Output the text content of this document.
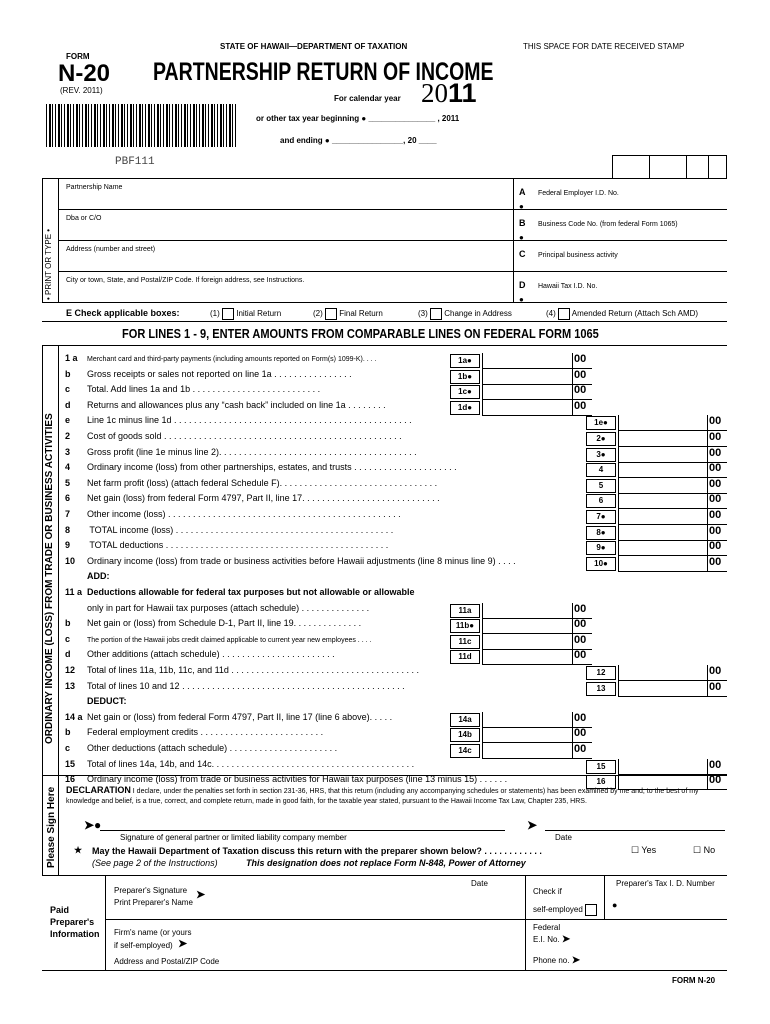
STATE OF HAWAII—DEPARTMENT OF TAXATION	THIS SPACE FOR DATE RECEIVED STAMP
FORM
N-20
(REV. 2011)
PARTNERSHIP RETURN OF INCOME
For calendar year 2011
or other tax year beginning ● _______________ , 2011
and ending ● ________________, 20 ____
PBF111
• PRINT OR TYPE •
Partnership Name
Dba or C/O
Address (number and street)
City or town, State, and Postal/ZIP Code. If foreign address, see Instructions.
A Federal Employer I.D. No.
●
B Business Code No. (from federal Form 1065)
●
C Principal business activity
D Hawaii Tax I.D. No.
●
E Check applicable boxes:	(1) Initial Return	(2) Final Return	(3) Change in Address	(4) Amended Return (Attach Sch AMD)
FOR LINES 1 - 9, ENTER AMOUNTS FROM COMPARABLE LINES ON FEDERAL FORM 1065
ORDINARY INCOME (LOSS) FROM TRADE OR BUSINESS ACTIVITIES
1 a Merchant card and third-party payments (including amounts reported on Form(s) 1099-K). . . .	1a●	00
b Gross receipts or sales not reported on line 1a . . . . . . . . . . . . . . . .	1b●	00
c Total. Add lines 1a and 1b . . . . . . . . . . . . . . . . . . . . . . . . . .	1c●	00
d Returns and allowances plus any “cash back” included on line 1a . . . . . . . .	1d●	00
e Line 1c minus line 1d . . . . . . . . . . . . . . . . . . . . . . . . . . . . . . . . . . . . . . . . . . . . . . . .	1e●	00
2 Cost of goods sold . . . . . . . . . . . . . . . . . . . . . . . . . . . . . . . . . . . . . . . . . . . . . . . .	2●	00
3 Gross profit (line 1e minus line 2). . . . . . . . . . . . . . . . . . . . . . . . . . . . . . . . . . . . . . . .	3●	00
4 Ordinary income (loss) from other partnerships, estates, and trusts . . . . . . . . . . . . . . . . . . . . .	4	00
5 Net farm profit (loss) (attach federal Schedule F). . . . . . . . . . . . . . . . . . . . . . . . . . . . . . . .	5	00
6 Net gain (loss) from federal Form 4797, Part II, line 17. . . . . . . . . . . . . . . . . . . . . . . . . . . .	6	00
7 Other income (loss) . . . . . . . . . . . . . . . . . . . . . . . . . . . . . . . . . . . . . . . . . . . . . . .	7●	00
8 TOTAL income (loss) . . . . . . . . . . . . . . . . . . . . . . . . . . . . . . . . . . . . . . . . . . . .	8●	00
9 TOTAL deductions . . . . . . . . . . . . . . . . . . . . . . . . . . . . . . . . . . . . . . . . . . . . .	9●	00
10 Ordinary income (loss) from trade or business activities before Hawaii adjustments (line 8 minus line 9) . . . .	10●	00
ADD:
11 a Deductions allowable for federal tax purposes but not allowable or allowable
only in part for Hawaii tax purposes (attach schedule) . . . . . . . . . . . . . .	11a	00
b Net gain or (loss) from Schedule D-1, Part II, line 19. . . . . . . . . . . . . .	11b●	00
c The portion of the Hawaii jobs credit claimed applicable to current year new employees . . . .	11c	00
d Other additions (attach schedule) . . . . . . . . . . . . . . . . . . . . . . .	11d	00
12 Total of lines 11a, 11b, 11c, and 11d . . . . . . . . . . . . . . . . . . . . . . . . . . . . . . . . . . . . . .	12	00
13 Total of lines 10 and 12 . . . . . . . . . . . . . . . . . . . . . . . . . . . . . . . . . . . . . . . . . . . . .	13	00
DEDUCT:
14 a Net gain or (loss) from federal Form 4797, Part II, line 17 (line 6 above). . . . .	14a	00
b Federal employment credits . . . . . . . . . . . . . . . . . . . . . . . . .	14b	00
c Other deductions (attach schedule) . . . . . . . . . . . . . . . . . . . . . .	14c	00
15 Total of lines 14a, 14b, and 14c. . . . . . . . . . . . . . . . . . . . . . . . . . . . . . . . . . . . . . . . .	15	00
16 Ordinary income (loss) from trade or business activities for Hawaii tax purposes (line 13 minus 15) . . . . . .	16	00
Please Sign Here DECLARATION I declare, under the penalties set forth in section 231-36, HRS, that this return (including any accompanying schedules or statements) has been examined by me and, to the best of my knowledge and belief, is a true, correct, and complete return, made in good faith, for the taxable year stated, pursuant to the Hawaii Income Tax Law, Chapter 235, HRS.
➤●	➤
Signature of general partner or limited liability company member	Date
★ May the Hawaii Department of Taxation discuss this return with the preparer shown below? . . . . . . . . . . . .	☐ Yes	☐ No
(See page 2 of the Instructions)	This designation does not replace Form N-848, Power of Attorney
Paid Preparer's Information
Preparer's Signature ➤
Print Preparer's Name
Date
Check if
self-employed
Preparer's Tax I. D. Number
●
Firm's name (or yours
if self-employed) ➤
Address and Postal/ZIP Code
Federal
E.I. No. ➤
Phone no. ➤
FORM N-20
